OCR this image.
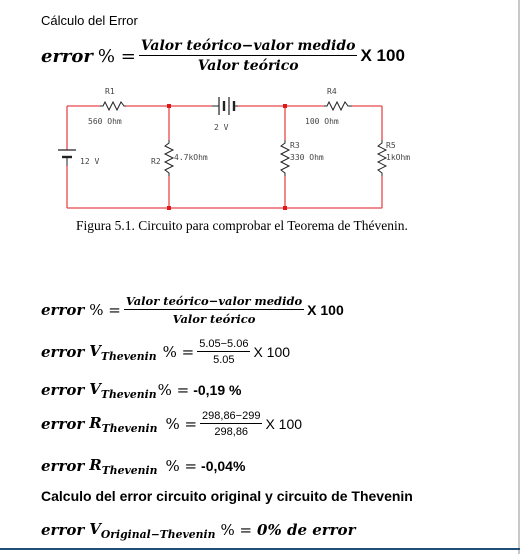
Cálculo del Error
error % = $\frac{\text{Valor teórico−valor medido}}{\text{Valor teórico}}$ X 100
R1
560 Ohm
2 V
R4
100 Ohm
12 V	R2 4.7kOhm
R3
330 Ohm
R5
1kOhm
Figura 5.1. Circuito para comprobar el Teorema de Thévenin.
error % = $\frac{\text{Valor teórico−valor medido}}{\text{Valor teórico}}$ X 100
error $V_{Thevenin}$ % = $\frac{5.05-5.06}{5.05}$ X 100
error $V_{Thevenin}$ % = -0,19 %
error $R_{Thevenin}$ % = $\frac{298,86-299}{298,86}$ X 100
error $R_{Thevenin}$ % = -0,04%
Calculo del error circuito original y circuito de Thevenin
error $V_{Original-Thevenin}$ % = 0% de error
